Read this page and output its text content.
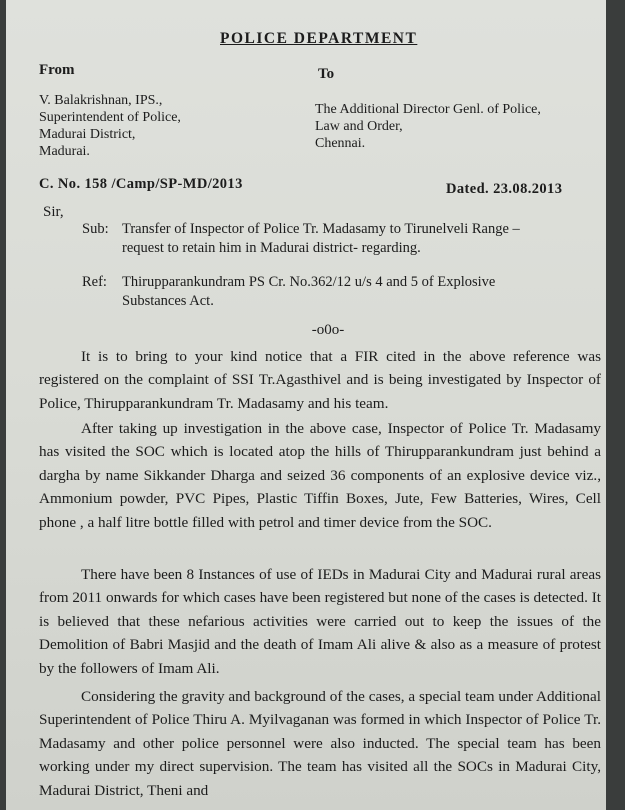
POLICE DEPARTMENT
From
V. Balakrishnan, IPS.,
Superintendent of Police,
Madurai District,
Madurai.
To
The Additional Director Genl. of Police,
Law and Order,
Chennai.
C. No. 158 /Camp/SP-MD/2013	Dated. 23.08.2013
Sir,
Sub: Transfer of Inspector of Police Tr. Madasamy to Tirunelveli Range – request to retain him in Madurai district- regarding.
Ref: Thirupparankundram PS Cr. No.362/12 u/s 4 and 5 of Explosive Substances Act.
-o0o-
It is to bring to your kind notice that a FIR cited in the above reference was registered on the complaint of SSI Tr.Agasthivel and is being investigated by Inspector of Police, Thirupparankundram Tr. Madasamy and his team.
After taking up investigation in the above case, Inspector of Police Tr. Madasamy has visited the SOC which is located atop the hills of Thirupparankundram just behind a dargha by name Sikkander Dharga and seized 36 components of an explosive device viz., Ammonium powder, PVC Pipes, Plastic Tiffin Boxes, Jute, Few Batteries, Wires, Cell phone , a half litre bottle filled with petrol and timer device from the SOC.
There have been 8 Instances of use of IEDs in Madurai City and Madurai rural areas from 2011 onwards for which cases have been registered but none of the cases is detected. It is believed that these nefarious activities were carried out to keep the issues of the Demolition of Babri Masjid and the death of Imam Ali alive & also as a measure of protest by the followers of Imam Ali.
Considering the gravity and background of the cases, a special team under Additional Superintendent of Police Thiru A. Myilvaganan was formed in which Inspector of Police Tr. Madasamy and other police personnel were also inducted. The special team has been working under my direct supervision. The team has visited all the SOCs in Madurai City, Madurai District, Theni and
